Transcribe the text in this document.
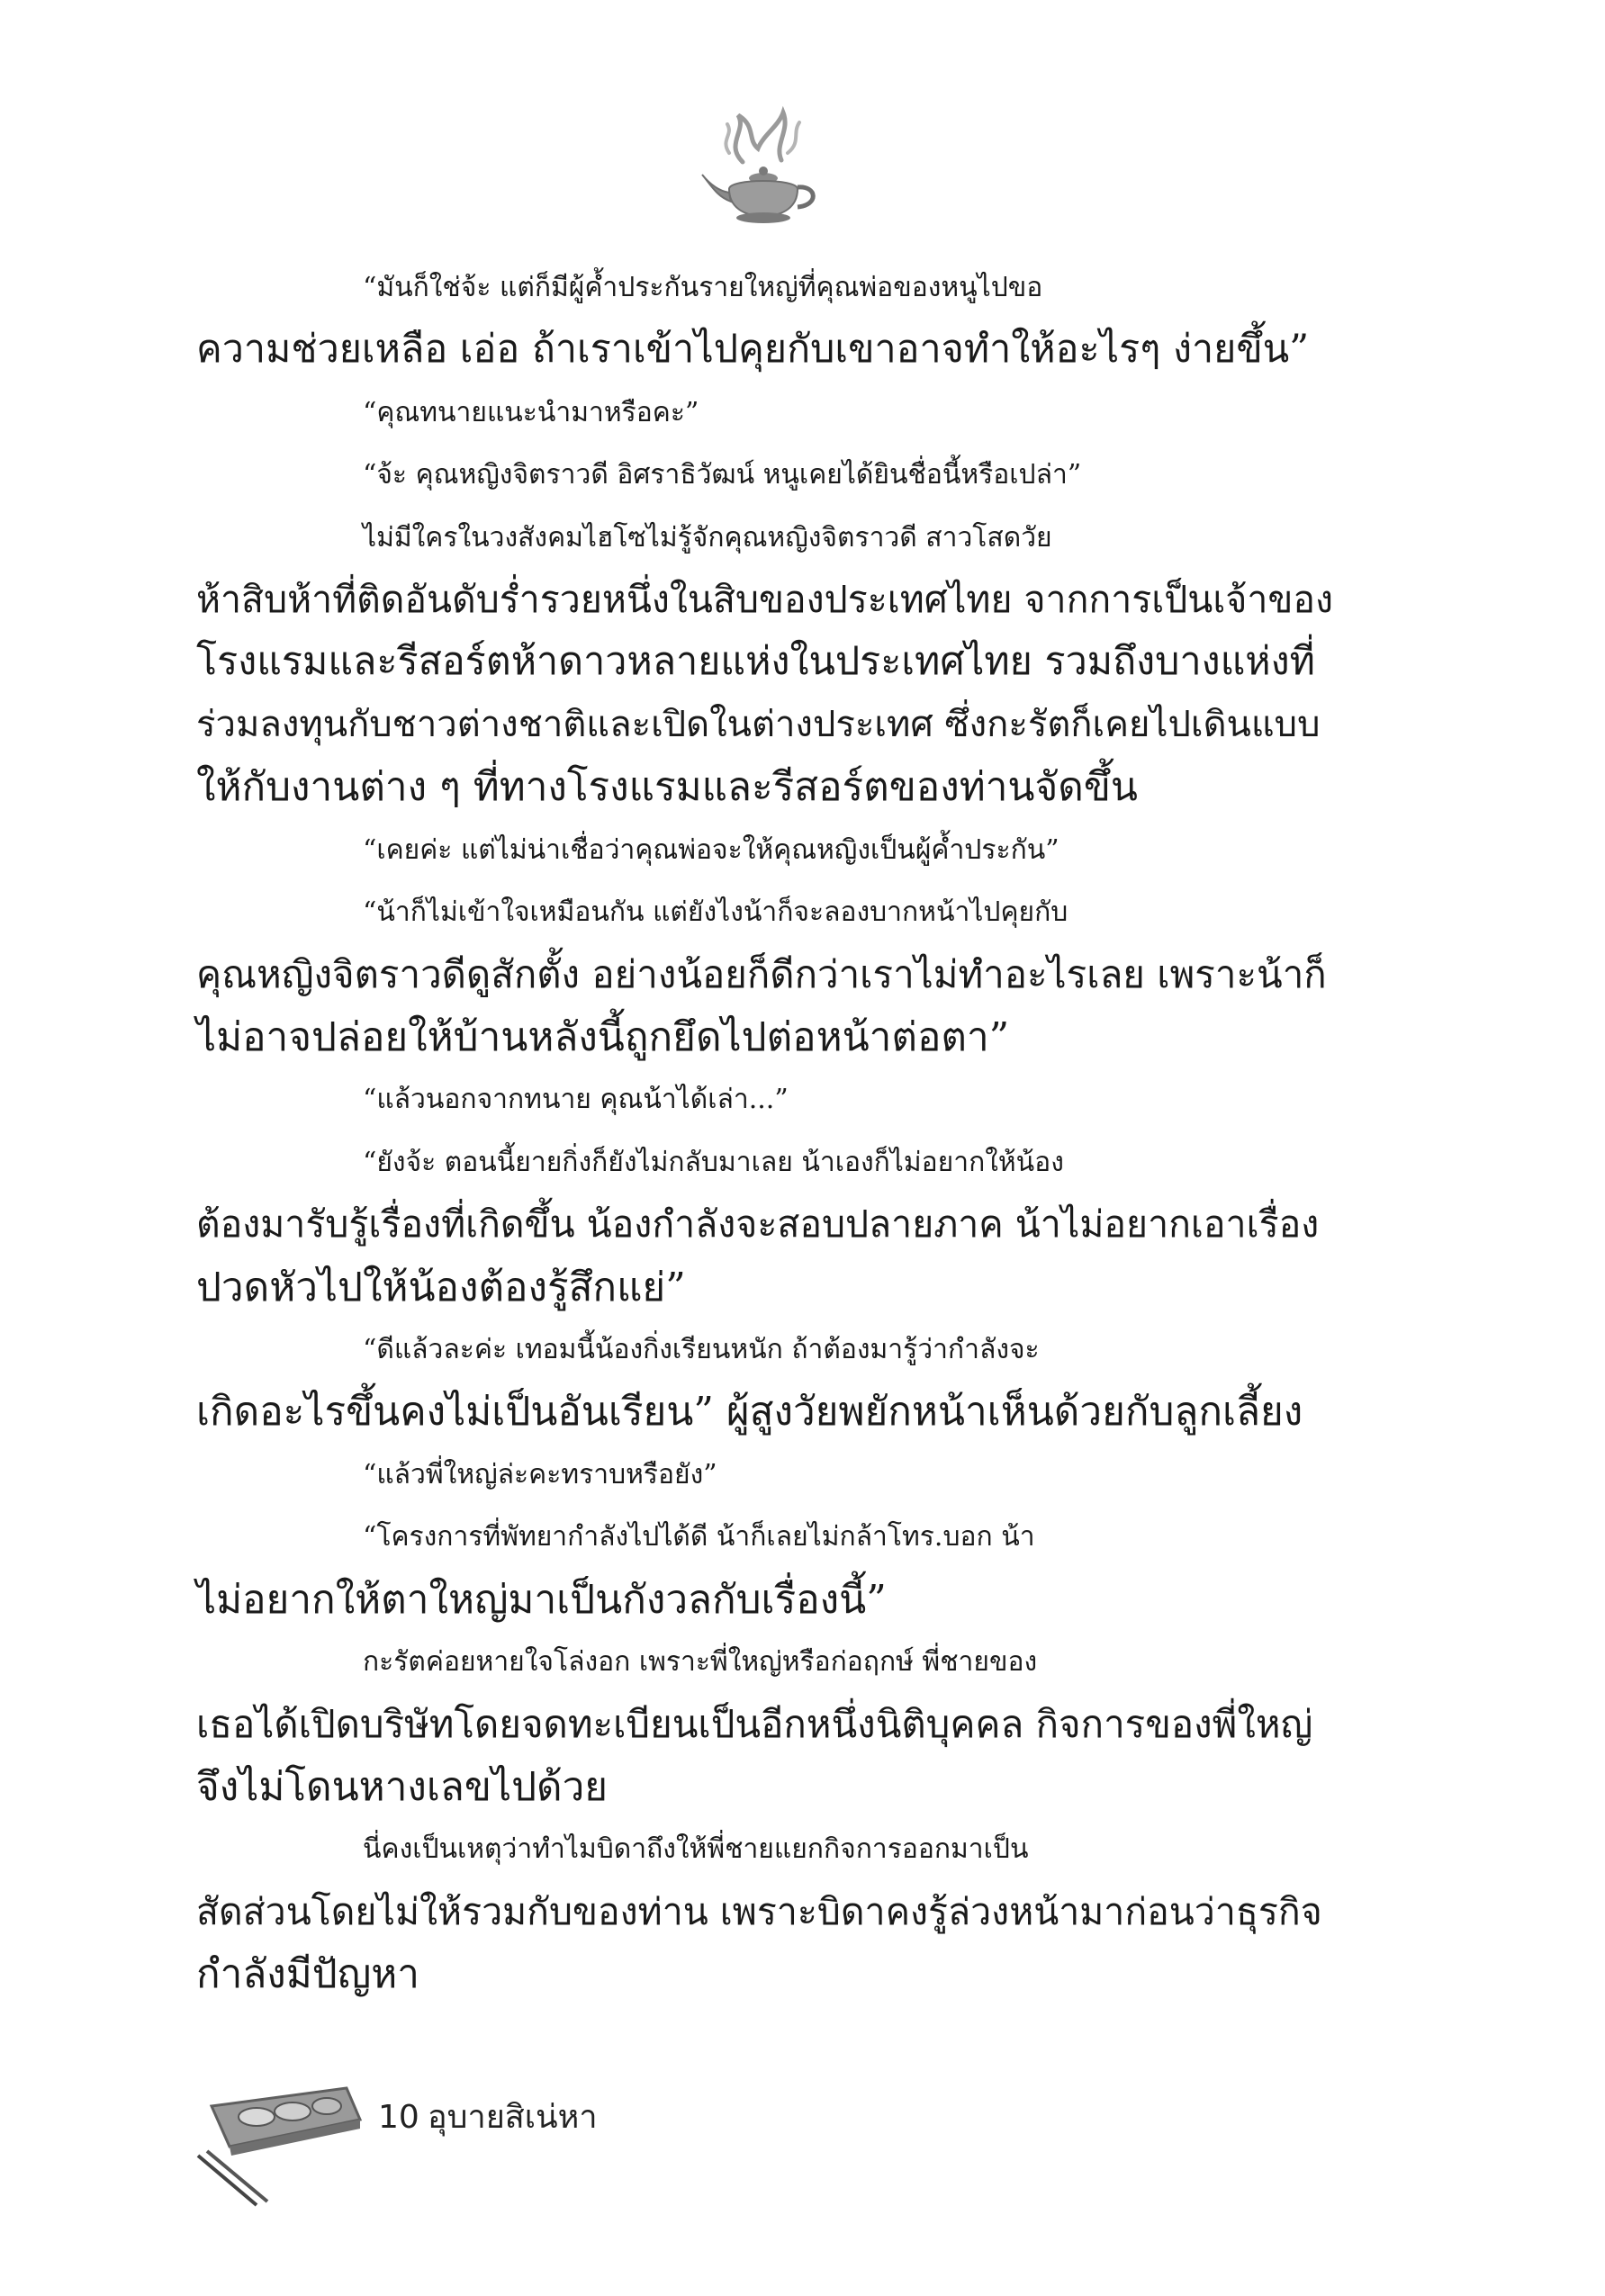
“มันก็ใช่จ้ะ แต่ก็มีผู้ค้ำประกันรายใหญ่ที่คุณพ่อของหนูไปขอ
ความช่วยเหลือ เอ่อ ถ้าเราเข้าไปคุยกับเขาอาจทำให้อะไรๆ ง่ายขึ้น”

“คุณทนายแนะนำมาหรือคะ”

“จ้ะ คุณหญิงจิตราวดี อิศราธิวัฒน์ หนูเคยได้ยินชื่อนี้หรือเปล่า”

ไม่มีใครในวงสังคมไฮโซไม่รู้จักคุณหญิงจิตราวดี สาวโสดวัย
ห้าสิบห้าที่ติดอันดับร่ำรวยหนึ่งในสิบของประเทศไทย จากการเป็นเจ้าของ
โรงแรมและรีสอร์ตห้าดาวหลายแห่งในประเทศไทย รวมถึงบางแห่งที่
ร่วมลงทุนกับชาวต่างชาติและเปิดในต่างประเทศ ซึ่งกะรัตก็เคยไปเดินแบบ
ให้กับงานต่าง ๆ ที่ทางโรงแรมและรีสอร์ตของท่านจัดขึ้น

“เคยค่ะ แต่ไม่น่าเชื่อว่าคุณพ่อจะให้คุณหญิงเป็นผู้ค้ำประกัน”

“น้าก็ไม่เข้าใจเหมือนกัน แต่ยังไงน้าก็จะลองบากหน้าไปคุยกับ
คุณหญิงจิตราวดีดูสักตั้ง อย่างน้อยก็ดีกว่าเราไม่ทำอะไรเลย เพราะน้าก็
ไม่อาจปล่อยให้บ้านหลังนี้ถูกยึดไปต่อหน้าต่อตา”

“แล้วนอกจากทนาย คุณน้าได้เล่า...”

“ยังจ้ะ ตอนนี้ยายกิ่งก็ยังไม่กลับมาเลย น้าเองก็ไม่อยากให้น้อง
ต้องมารับรู้เรื่องที่เกิดขึ้น น้องกำลังจะสอบปลายภาค น้าไม่อยากเอาเรื่อง
ปวดหัวไปให้น้องต้องรู้สึกแย่”

“ดีแล้วละค่ะ เทอมนี้น้องกิ่งเรียนหนัก ถ้าต้องมารู้ว่ากำลังจะ
เกิดอะไรขึ้นคงไม่เป็นอันเรียน” ผู้สูงวัยพยักหน้าเห็นด้วยกับลูกเลี้ยง

“แล้วพี่ใหญ่ล่ะคะทราบหรือยัง”

“โครงการที่พัทยากำลังไปได้ดี น้าก็เลยไม่กล้าโทร.บอก น้า
ไม่อยากให้ตาใหญ่มาเป็นกังวลกับเรื่องนี้”

กะรัตค่อยหายใจโล่งอก เพราะพี่ใหญ่หรือก่อฤกษ์ พี่ชายของ
เธอได้เปิดบริษัทโดยจดทะเบียนเป็นอีกหนึ่งนิติบุคคล กิจการของพี่ใหญ่
จึงไม่โดนหางเลขไปด้วย

นี่คงเป็นเหตุว่าทำไมบิดาถึงให้พี่ชายแยกกิจการออกมาเป็น
สัดส่วนโดยไม่ให้รวมกับของท่าน เพราะบิดาคงรู้ล่วงหน้ามาก่อนว่าธุรกิจ
กำลังมีปัญหา

10 อุบายสิเน่หา
